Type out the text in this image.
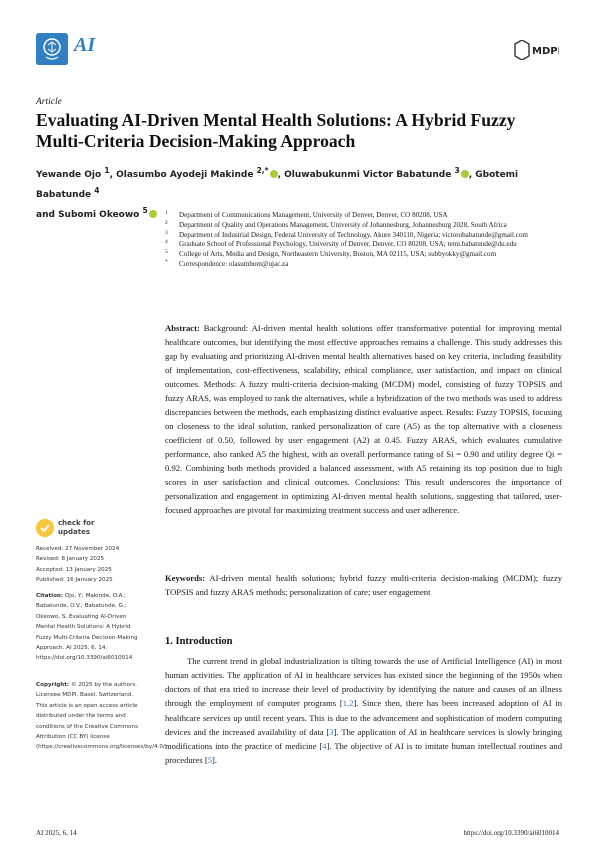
AI	MDPI
Article
Evaluating AI-Driven Mental Health Solutions: A Hybrid Fuzzy Multi-Criteria Decision-Making Approach
Yewande Ojo $^1$, Olasumbo Ayodeji Makinde $^{2,*}$ , Oluwabukunmi Victor Babatunde $^3$ , Gbotemi Babatunde $^4$
and Subomi Okeowo $^5$	1 Department of Communications Management, University of Denver, Denver, CO 80208, USA
2 Department of Quality and Operations Management, University of Johannesburg, Johannesburg 2028, South Africa
3 Department of Industrial Design, Federal University of Technology, Akure 340110, Nigeria; victorobabatunde@gmail.com
4 Graduate School of Professional Psychology, University of Denver, Denver, CO 80208, USA; temi.babatunde@du.edu
5 College of Arts, Media and Design, Northeastern University, Boston, MA 02115, USA; subbyokky@gmail.com
* Correspondence: olasumbom@ujac.za

Abstract: Background: AI-driven mental health solutions offer transformative potential for improving mental healthcare outcomes, but identifying the most effective approaches remains a challenge. This study addresses this gap by evaluating and prioritizing AI-driven mental health alternatives based on key criteria, including feasibility of implementation, cost-effectiveness, scalability, ethical compliance, user satisfaction, and impact on clinical outcomes. Methods: A fuzzy multi-criteria decision-making (MCDM) model, consisting of fuzzy TOPSIS and fuzzy ARAS, was employed to rank the alternatives, while a hybridization of the two methods was used to address discrepancies between the methods, each emphasizing distinct evaluative aspect. Results: Fuzzy TOPSIS, focusing on closeness to the ideal solution, ranked personalization of care (A5) as the top alternative with a closeness coefficient of 0.50, followed by user engagement (A2) at 0.45. Fuzzy ARAS, which evaluates cumulative performance, also ranked A5 the highest, with an overall performance rating of Si = 0.90 and utility degree Qi = 0.92. Combining both methods provided a balanced assessment, with A5 retaining its top position due to high scores in user satisfaction and clinical outcomes. Conclusions: This result underscores the importance of personalization and engagement in optimizing AI-driven mental health solutions, suggesting that tailored, user-focused approaches are pivotal for maximizing treatment success and user adherence.

Keywords: AI-driven mental health solutions; hybrid fuzzy multi-criteria decision-making (MCDM); fuzzy TOPSIS and fuzzy ARAS methods; personalization of care; user engagement

check for
updates
Received: 27 November 2024
Revised: 8 January 2025
Accepted: 13 January 2025
Published: 16 January 2025

Citation: Ojo, Y.; Makinde, O.A.; Babatunde, O.V.; Babatunde, G.; Okeowo, S. Evaluating AI-Driven Mental Health Solutions: A Hybrid Fuzzy Multi-Criteria Decision-Making Approach. AI 2025, 6, 14. https://doi.org/10.3390/ai6010014

Copyright: © 2025 by the authors. Licensee MDPI, Basel, Switzerland. This article is an open access article distributed under the terms and conditions of the Creative Commons Attribution (CC BY) license (https://creativecommons.org/licenses/by/4.0/).

1. Introduction

The current trend in global industrialization is tilting towards the use of Artificial Intelligence (AI) in most human activities. The application of AI in healthcare services has existed since the beginning of the 1950s when doctors of that era tried to increase their level of productivity by identifying the nature and causes of an illness through the employment of computer programs [1,2]. Since then, there has been increased adoption of AI in healthcare services up until recent years. This is due to the advancement and sophistication of modern computing devices and the increased availability of data [3]. The application of AI in healthcare services is slowly bringing modifications into the practice of medicine [4]. The objective of AI is to imitate human intellectual routines and procedures [5].

AI 2025, 6, 14	https://doi.org/10.3390/ai6010014
